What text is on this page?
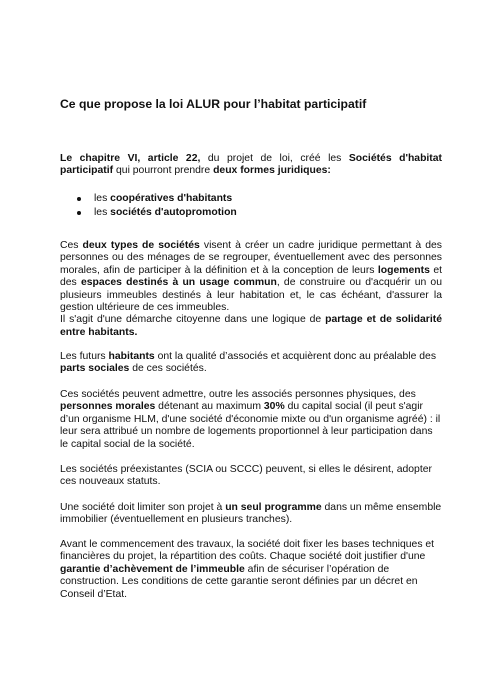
Ce que propose la loi ALUR pour l’habitat participatif

Le chapitre VI, article 22, du projet de loi, créé les Sociétés d'habitat participatif qui pourront prendre deux formes juridiques:

les coopératives d'habitants
les sociétés d'autopromotion

Ces deux types de sociétés visent à créer un cadre juridique permettant à des personnes ou des ménages de se regrouper, éventuellement avec des personnes morales, afin de participer à la définition et à la conception de leurs logements et des espaces destinés à un usage commun, de construire ou d'acquérir un ou plusieurs immeubles destinés à leur habitation et, le cas échéant, d'assurer la gestion ultérieure de ces immeubles.
Il s'agit d'une démarche citoyenne dans une logique de partage et de solidarité entre habitants.

Les futurs habitants ont la qualité d’associés et acquièrent donc au préalable des parts sociales de ces sociétés.

Ces sociétés peuvent admettre, outre les associés personnes physiques, des personnes morales détenant au maximum 30% du capital social (il peut s'agir d’un organisme HLM, d'une société d'économie mixte ou d'un organisme agréé) : il leur sera attribué un nombre de logements proportionnel à leur participation dans le capital social de la société.

Les sociétés préexistantes (SCIA ou SCCC) peuvent, si elles le désirent, adopter ces nouveaux statuts.

Une société doit limiter son projet à un seul programme dans un même ensemble immobilier (éventuellement en plusieurs tranches).

Avant le commencement des travaux, la société doit fixer les bases techniques et financières du projet, la répartition des coûts. Chaque société doit justifier d'une garantie d’achèvement de l’immeuble afin de sécuriser l’opération de construction. Les conditions de cette garantie seront définies par un décret en Conseil d’Etat.
